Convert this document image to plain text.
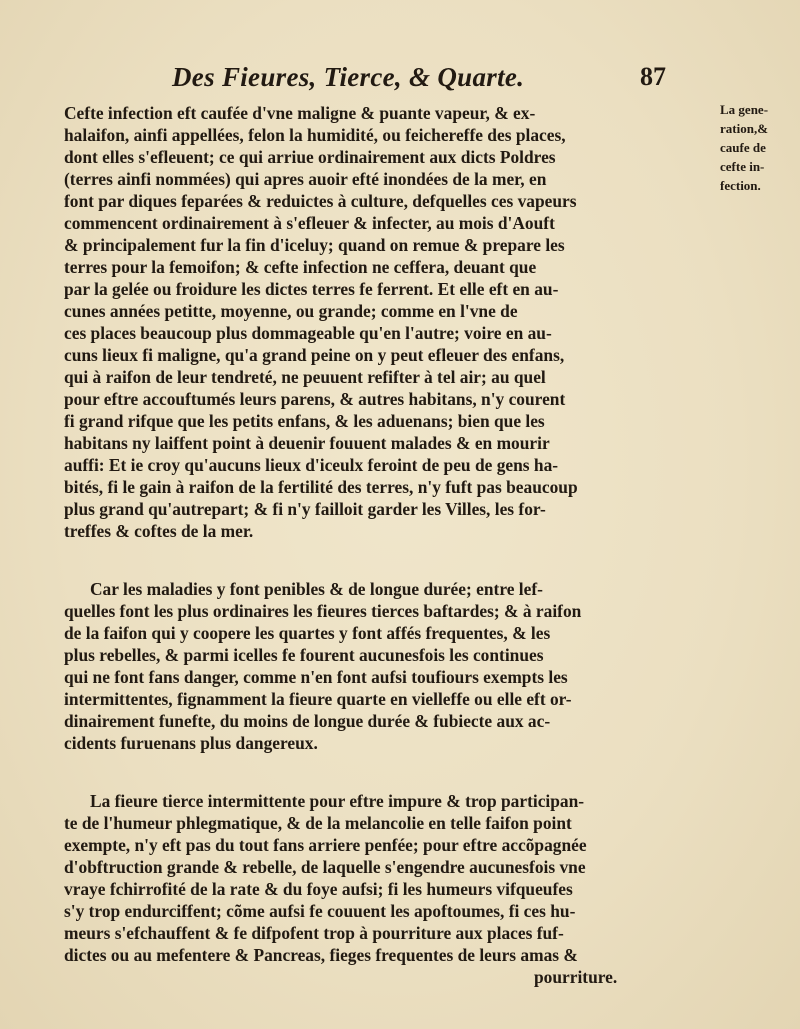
Des Fieures, Tierce, & Quarte.	87
La gene-
ration,&
caufe de
cefte in-
fection.
Cefte infection eft caufée d'vne maligne & puante vapeur, & ex-
halaifon, ainfi appellées, felon la humidité, ou feichereffe des places,
dont elles s'efleuent; ce qui arriue ordinairement aux dicts Poldres
(terres ainfi nommées) qui apres auoir efté inondées de la mer, en
font par diques feparées & reduictes à culture, defquelles ces vapeurs
commencent ordinairement à s'efleuer & infecter, au mois d'Aouft
& principalement fur la fin d'iceluy; quand on remue & prepare les
terres pour la femoifon; & cefte infection ne ceffera, deuant que
par la gelée ou froidure les dictes terres fe ferrent. Et elle eft en au-
cunes années petitte, moyenne, ou grande; comme en l'vne de
ces places beaucoup plus dommageable qu'en l'autre; voire en au-
cuns lieux fi maligne, qu'a grand peine on y peut efleuer des enfans,
qui à raifon de leur tendreté, ne peuuent refifter à tel air; au quel
pour eftre accouftumés leurs parens, & autres habitans, n'y courent
fi grand rifque que les petits enfans, & les aduenans; bien que les
habitans ny laiffent point à deuenir fouuent malades & en mourir
auffi: Et ie croy qu'aucuns lieux d'iceulx feroint de peu de gens ha-
bités, fi le gain à raifon de la fertilité des terres, n'y fuft pas beaucoup
plus grand qu'autrepart; & fi n'y failloit garder les Villes, les for-
treffes & coftes de la mer.
Car les maladies y font penibles & de longue durée; entre lef-
quelles font les plus ordinaires les fieures tierces baftardes; & à raifon
de la faifon qui y coopere les quartes y font affés frequentes, & les
plus rebelles, & parmi icelles fe fourent aucunesfois les continues
qui ne font fans danger, comme n'en font aufsi toufiours exempts les
intermittentes, fignamment la fieure quarte en vielleffe ou elle eft or-
dinairement funefte, du moins de longue durée & fubiecte aux ac-
cidents furuenans plus dangereux.
La fieure tierce intermittente pour eftre impure & trop participan-
te de l'humeur phlegmatique, & de la melancolie en telle faifon point
exempte, n'y eft pas du tout fans arriere penfée; pour eftre accõpagnée
d'obftruction grande & rebelle, de laquelle s'engendre aucunesfois vne
vraye fchirrofité de la rate & du foye aufsi; fi les humeurs vifqueufes
s'y trop endurciffent; cõme aufsi fe couuent les apoftoumes, fi ces hu-
meurs s'efchauffent & fe difpofent trop à pourriture aux places fuf-
dictes ou au mefentere & Pancreas, fieges frequentes de leurs amas &
pourriture.
